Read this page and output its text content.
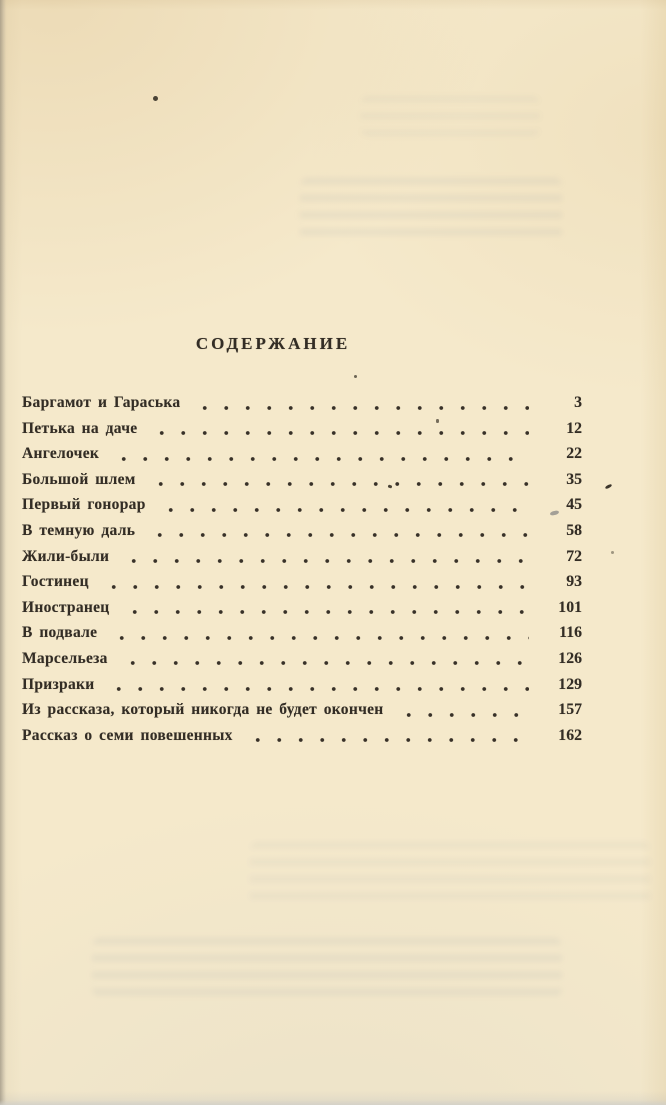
СОДЕРЖАНИЕ
Баргамот и Гараська	3
Петька на даче	12
Ангелочек	22
Большой шлем	35
Первый гонорар	45
В темную даль	58
Жили-были	72
Гостинец	93
Иностранец	101
В подвале	116
Марсельеза	126
Призраки	129
Из рассказа, который никогда не будет окончен	157
Рассказ о семи повешенных	162
